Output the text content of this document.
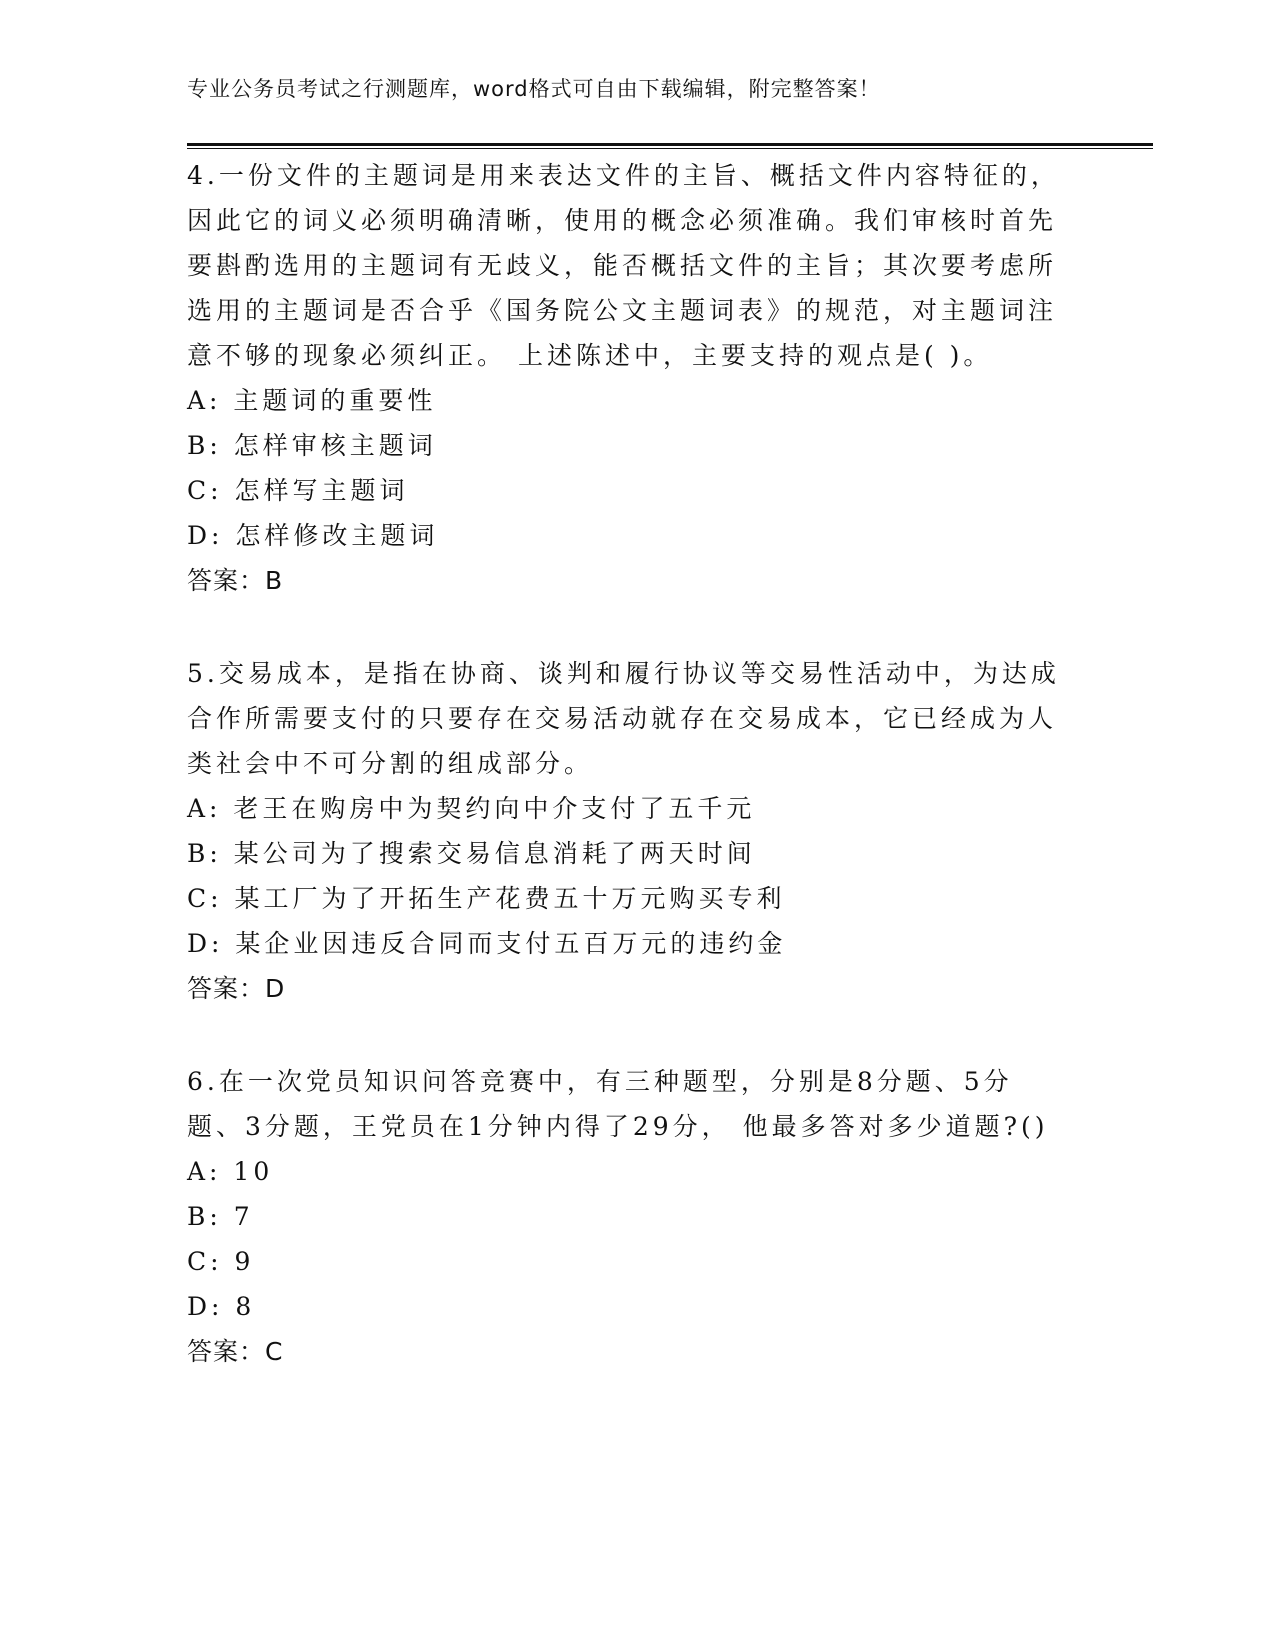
专业公务员考试之行测题库，word格式可自由下载编辑，附完整答案！

4.一份文件的主题词是用来表达文件的主旨、概括文件内容特征的，因此它的词义必须明确清晰，使用的概念必须准确。我们审核时首先要斟酌选用的主题词有无歧义，能否概括文件的主旨；其次要考虑所选用的主题词是否合乎《国务院公文主题词表》的规范，对主题词注意不够的现象必须纠正。 上述陈述中，主要支持的观点是( )。

A: 主题词的重要性

B: 怎样审核主题词

C: 怎样写主题词

D: 怎样修改主题词

答案：B

5.交易成本，是指在协商、谈判和履行协议等交易性活动中，为达成合作所需要支付的只要存在交易活动就存在交易成本，它已经成为人类社会中不可分割的组成部分。

A: 老王在购房中为契约向中介支付了五千元

B: 某公司为了搜索交易信息消耗了两天时间

C: 某工厂为了开拓生产花费五十万元购买专利

D: 某企业因违反合同而支付五百万元的违约金

答案：D

6.在一次党员知识问答竞赛中，有三种题型，分别是8分题、5分题、3分题，王党员在1分钟内得了29分， 他最多答对多少道题?()

A: 10

B: 7

C: 9

D: 8

答案：C
